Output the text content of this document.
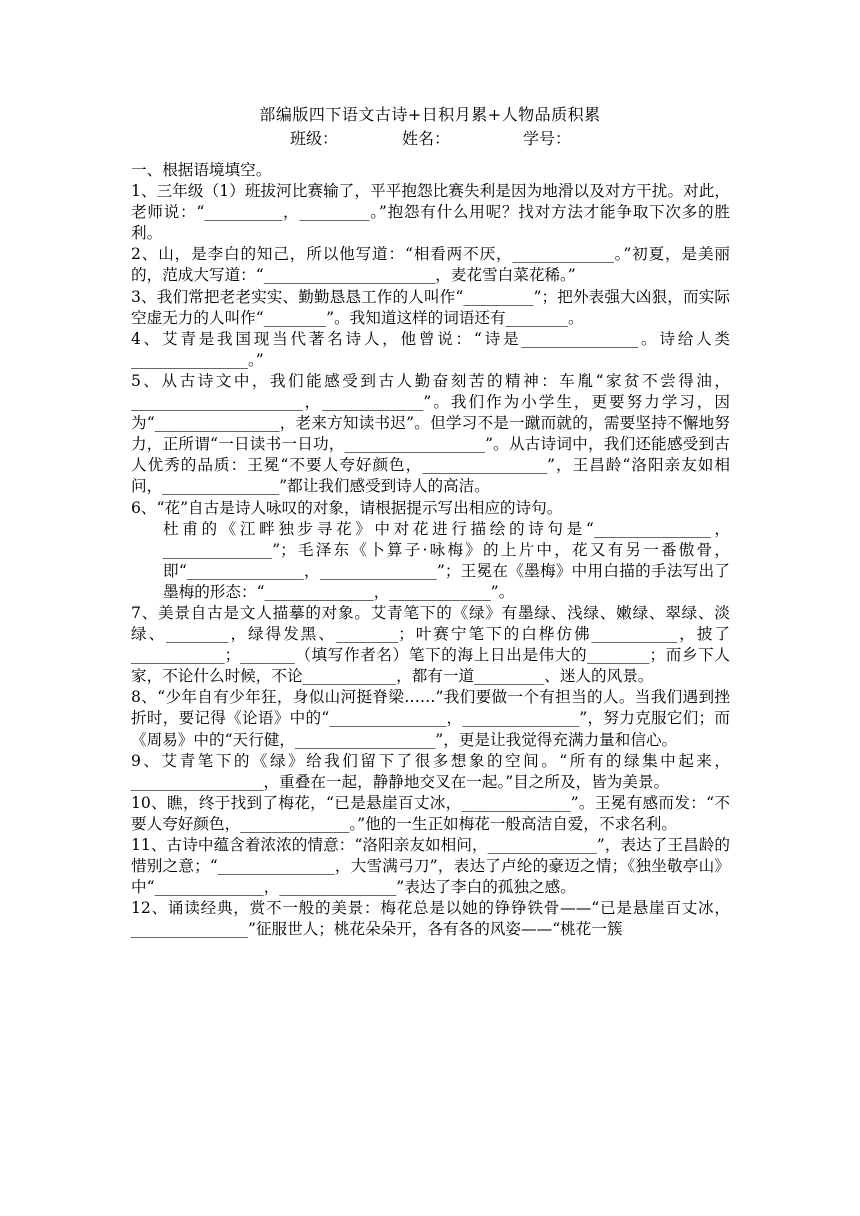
部编版四下语文古诗+日积月累+人物品质积累
班级：	姓名：	学号：

一、根据语境填空。

1、三年级（1）班拔河比赛输了，平平抱怨比赛失利是因为地滑以及对方干扰。对此，老师说：“__________，_________。”抱怨有什么用呢？找对方法才能争取下次多的胜利。

2、山，是李白的知己，所以他写道：“相看两不厌，_____________。”初夏，是美丽的，范成大写道：“______________________，麦花雪白菜花稀。”

3、我们常把老老实实、勤勤恳恳工作的人叫作“_________”；把外表强大凶狠，而实际空虚无力的人叫作“________”。我知道这样的词语还有________。

4、艾青是我国现当代著名诗人，他曾说：“诗是_______________。诗给人类_______________。”

5、从古诗文中，我们能感受到古人勤奋刻苦的精神：车胤“家贫不尝得油，______________________，_____________”。我们作为小学生，更要努力学习，因为“________________，老来方知读书迟”。但学习不是一蹴而就的，需要坚持不懈地努力，正所谓“一日读书一日功，__________________”。从古诗词中，我们还能感受到古人优秀的品质：王冕“不要人夸好颜色，________________”，王昌龄“洛阳亲友如相问，_______________”都让我们感受到诗人的高洁。

6、“花”自古是诗人咏叹的对象，请根据提示写出相应的诗句。

杜甫的《江畔独步寻花》中对花进行描绘的诗句是“_______________，______________”；毛泽东《卜算子·咏梅》的上片中，花又有另一番傲骨，即“_______________，_______________”；王冕在《墨梅》中用白描的手法写出了墨梅的形态：“______________，_____________”。

7、美景自古是文人描摹的对象。艾青笔下的《绿》有墨绿、浅绿、嫩绿、翠绿、淡绿、________，绿得发黑、________；叶赛宁笔下的白桦仿佛___________，披了____________；_______（填写作者名）笔下的海上日出是伟大的________；而乡下人家，不论什么时候，不论____________，都有一道_________、迷人的风景。

8、“少年自有少年狂，身似山河挺脊梁……”我们要做一个有担当的人。当我们遇到挫折时，要记得《论语》中的“_______________，_______________”，努力克服它们；而《周易》中的“天行健，__________________”，更是让我觉得充满力量和信心。

9、艾青笔下的《绿》给我们留下了很多想象的空间。“所有的绿集中起来，_________________，重叠在一起，静静地交叉在一起。”目之所及，皆为美景。

10、瞧，终于找到了梅花，“已是悬崖百丈冰，______________”。王冕有感而发：“不要人夸好颜色，______________。”他的一生正如梅花一般高洁自爱，不求名利。

11、古诗中蕴含着浓浓的情意：“洛阳亲友如相问，______________”，表达了王昌龄的惜别之意；“_______________，大雪满弓刀”，表达了卢纶的豪迈之情；《独坐敬亭山》中“______________，_______________”表达了李白的孤独之感。

12、诵读经典，赏不一般的美景：梅花总是以她的铮铮铁骨——“已是悬崖百丈冰，_______________”征服世人；桃花朵朵开，各有各的风姿——“桃花一簇
